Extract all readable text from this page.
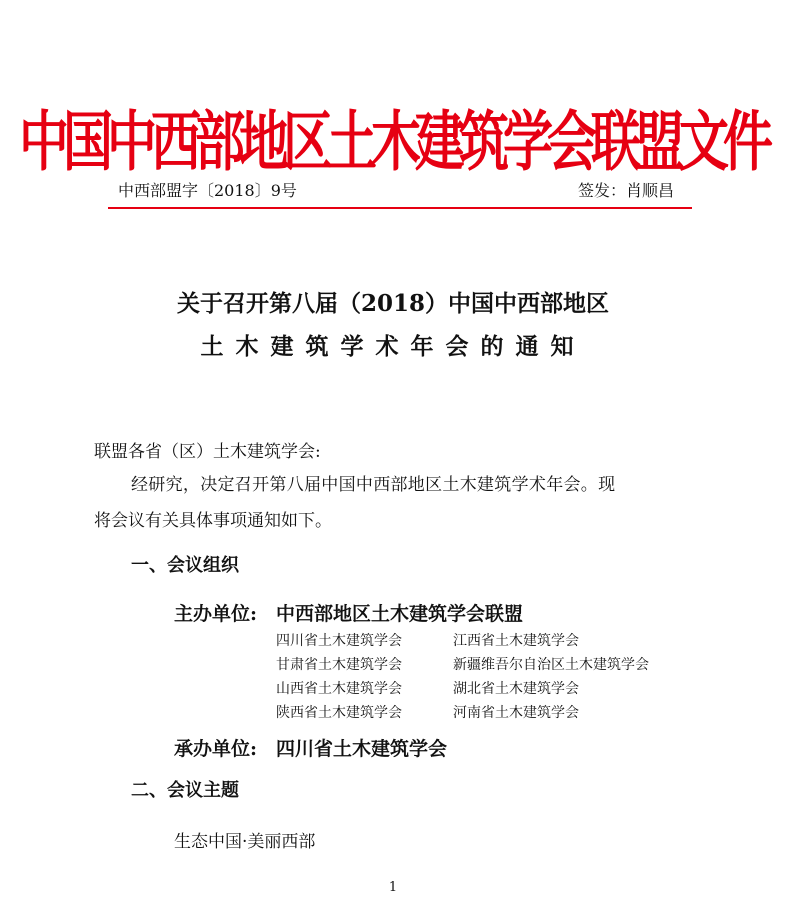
中国中西部地区土木建筑学会联盟文件
中西部盟字〔2018〕9号	签发：肖顺昌
关于召开第八届（2018）中国中西部地区
土木建筑学术年会的通知
联盟各省（区）土木建筑学会:
经研究，决定召开第八届中国中西部地区土木建筑学术年会。现
将会议有关具体事项通知如下。
一、会议组织
主办单位: 中西部地区土木建筑学会联盟
四川省土木建筑学会	江西省土木建筑学会
甘肃省土木建筑学会	新疆维吾尔自治区土木建筑学会
山西省土木建筑学会	湖北省土木建筑学会
陕西省土木建筑学会	河南省土木建筑学会
承办单位: 四川省土木建筑学会
二、会议主题
生态中国·美丽西部
1
